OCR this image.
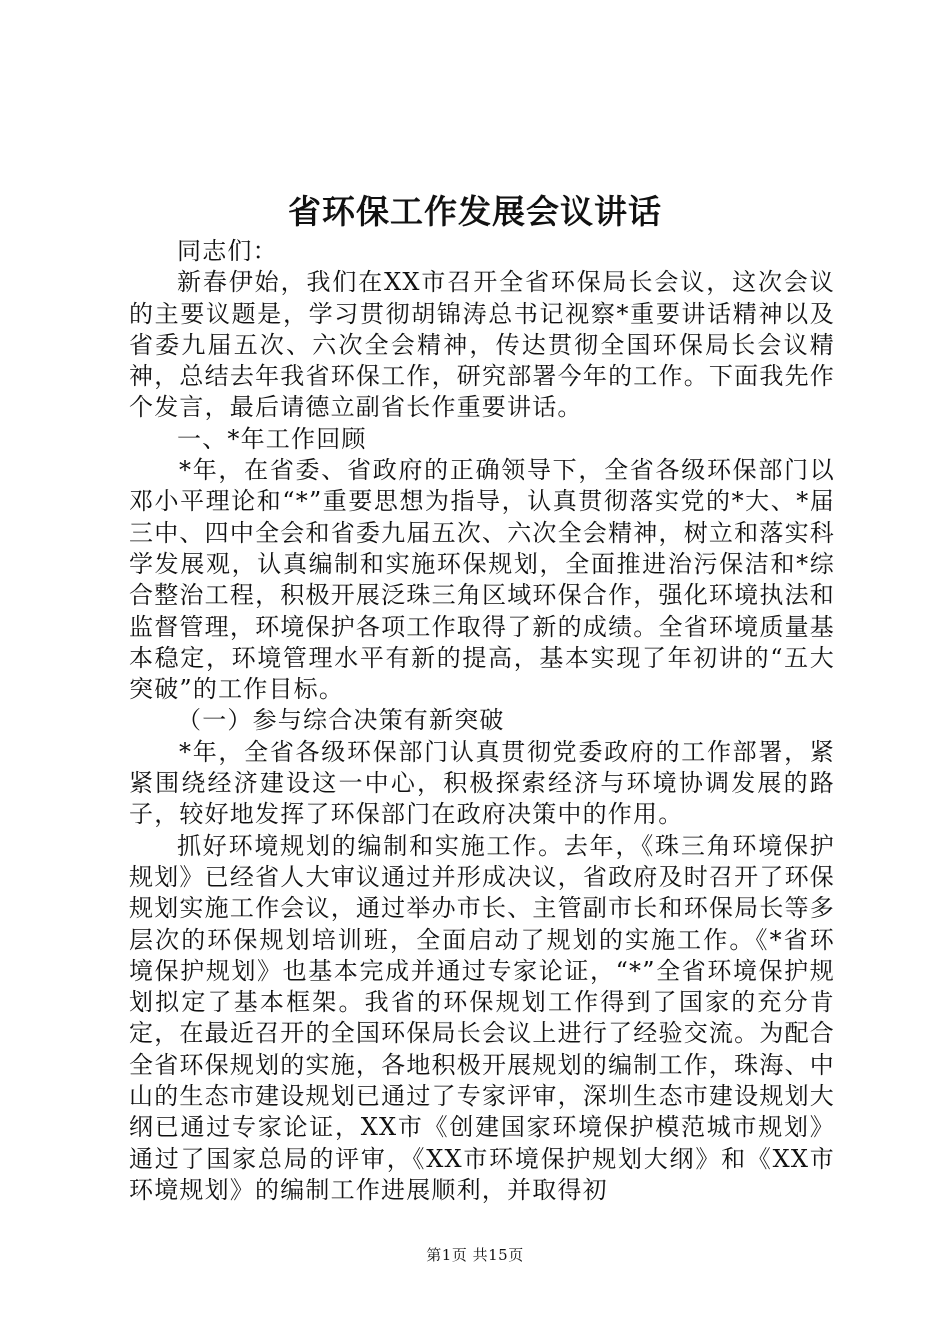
省环保工作发展会议讲话

同志们：

新春伊始，我们在XX市召开全省环保局长会议，这次会议的主要议题是，学习贯彻胡锦涛总书记视察*重要讲话精神以及省委九届五次、六次全会精神，传达贯彻全国环保局长会议精神，总结去年我省环保工作，研究部署今年的工作。下面我先作个发言，最后请德立副省长作重要讲话。

一、*年工作回顾

*年，在省委、省政府的正确领导下，全省各级环保部门以邓小平理论和“*”重要思想为指导，认真贯彻落实党的*大、*届三中、四中全会和省委九届五次、六次全会精神，树立和落实科学发展观，认真编制和实施环保规划，全面推进治污保洁和*综合整治工程，积极开展泛珠三角区域环保合作，强化环境执法和监督管理，环境保护各项工作取得了新的成绩。全省环境质量基本稳定，环境管理水平有新的提高，基本实现了年初讲的“五大突破”的工作目标。

（一）参与综合决策有新突破

*年，全省各级环保部门认真贯彻党委政府的工作部署，紧紧围绕经济建设这一中心，积极探索经济与环境协调发展的路子，较好地发挥了环保部门在政府决策中的作用。

抓好环境规划的编制和实施工作。去年，《珠三角环境保护规划》已经省人大审议通过并形成决议，省政府及时召开了环保规划实施工作会议，通过举办市长、主管副市长和环保局长等多层次的环保规划培训班，全面启动了规划的实施工作。《*省环境保护规划》也基本完成并通过专家论证，“*”全省环境保护规划拟定了基本框架。我省的环保规划工作得到了国家的充分肯定，在最近召开的全国环保局长会议上进行了经验交流。为配合全省环保规划的实施，各地积极开展规划的编制工作，珠海、中山的生态市建设规划已通过了专家评审，深圳生态市建设规划大纲已通过专家论证，XX市《创建国家环境保护模范城市规划》通过了国家总局的评审，《XX市环境保护规划大纲》和《XX市环境规划》的编制工作进展顺利，并取得初

第1页 共15页
